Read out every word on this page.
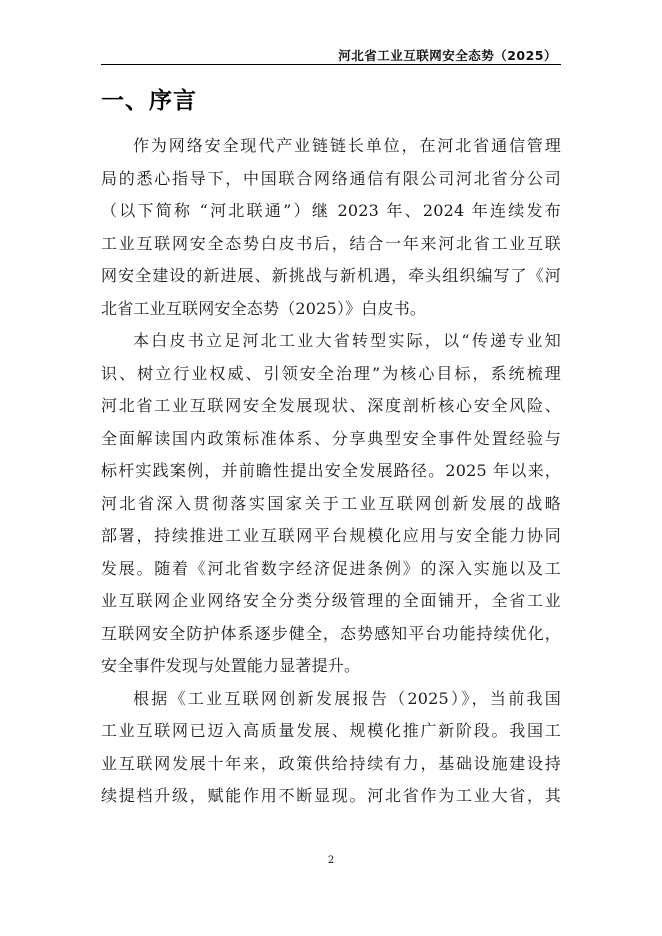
河北省工业互联网安全态势（2025）
一、序言

作为网络安全现代产业链链长单位，在河北省通信管理
局的悉心指导下，中国联合网络通信有限公司河北省分公司
（以下简称 “河北联通”）继 2023 年、2024 年连续发布
工业互联网安全态势白皮书后，结合一年来河北省工业互联
网安全建设的新进展、新挑战与新机遇，牵头组织编写了《河
北省工业互联网安全态势（2025）》白皮书。

本白皮书立足河北工业大省转型实际，以“传递专业知
识、树立行业权威、引领安全治理”为核心目标，系统梳理
河北省工业互联网安全发展现状、深度剖析核心安全风险、
全面解读国内政策标准体系、分享典型安全事件处置经验与
标杆实践案例，并前瞻性提出安全发展路径。2025 年以来，
河北省深入贯彻落实国家关于工业互联网创新发展的战略
部署，持续推进工业互联网平台规模化应用与安全能力协同
发展。随着《河北省数字经济促进条例》的深入实施以及工
业互联网企业网络安全分类分级管理的全面铺开，全省工业
互联网安全防护体系逐步健全，态势感知平台功能持续优化，
安全事件发现与处置能力显著提升。

根据《工业互联网创新发展报告（2025）》，当前我国
工业互联网已迈入高质量发展、规模化推广新阶段。我国工
业互联网发展十年来，政策供给持续有力，基础设施建设持
续提档升级，赋能作用不断显现。河北省作为工业大省，其

2
